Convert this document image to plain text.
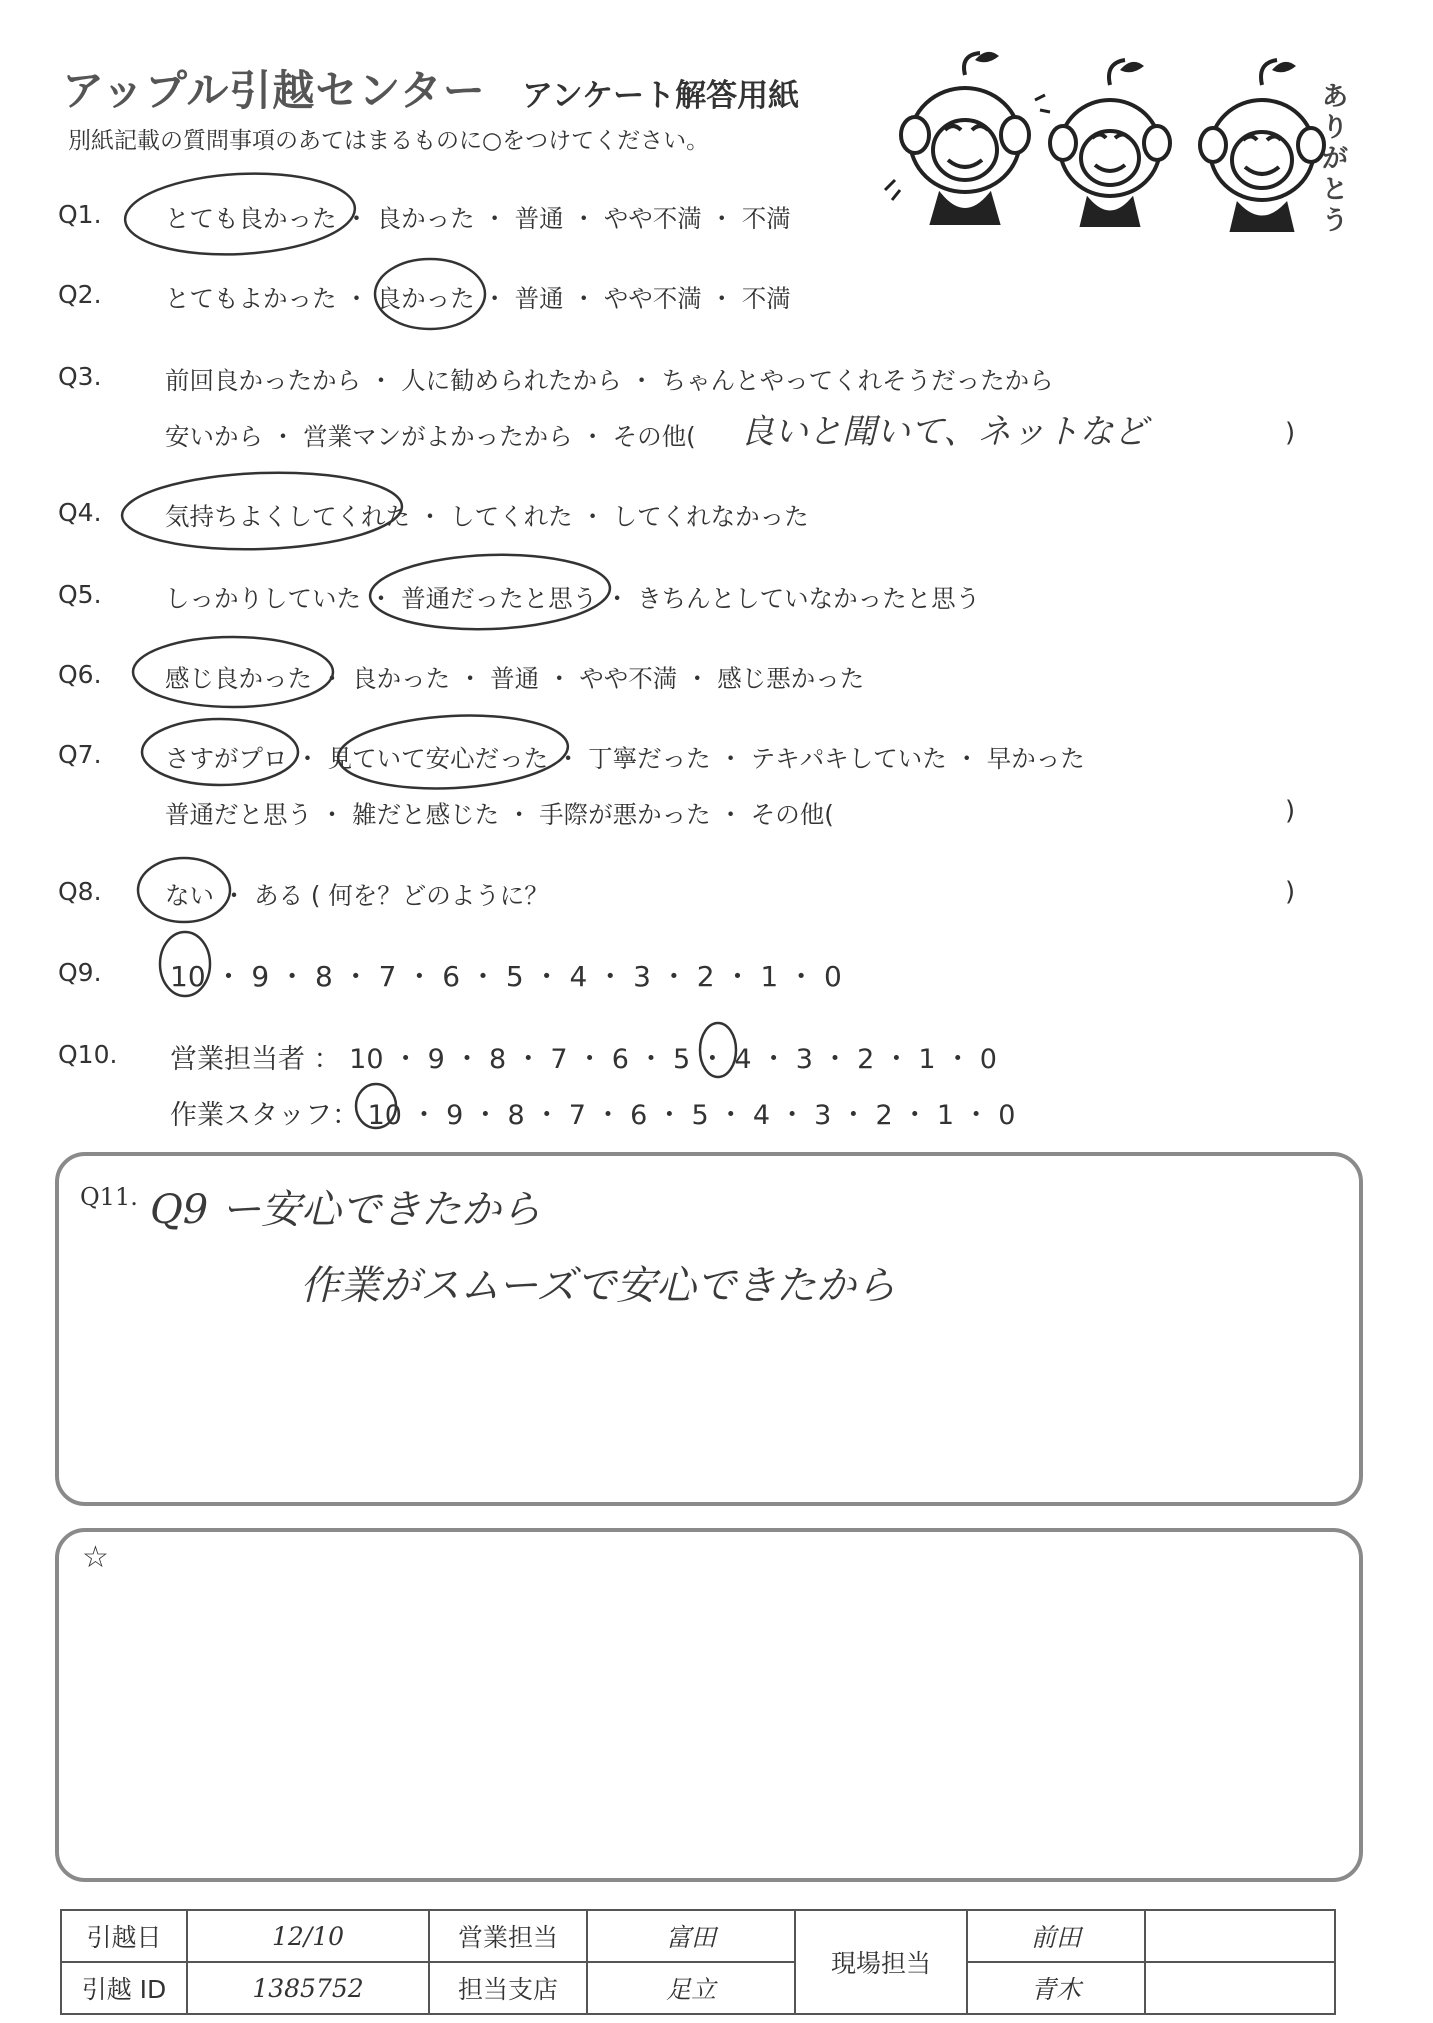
アップル引越センター アンケート解答用紙
別紙記載の質問事項のあてはまるものに○をつけてください。
ありがとう
Q1.	とても良かった ・ 良かった ・ 普通 ・ やや不満 ・ 不満
Q2.	とてもよかった ・ 良かった ・ 普通 ・ やや不満 ・ 不満
Q3.	前回良かったから ・ 人に勧められたから ・ ちゃんとやってくれそうだったから
安いから ・ 営業マンがよかったから ・ その他( 良いと聞いて、ネットなど	)
Q4.	気持ちよくしてくれた ・ してくれた ・ してくれなかった
Q5.	しっかりしていた ・ 普通だったと思う ・ きちんとしていなかったと思う
Q6.	感じ良かった ・ 良かった ・ 普通 ・ やや不満 ・ 感じ悪かった
Q7.	さすがプロ ・ 見ていて安心だった ・ 丁寧だった ・ テキパキしていた ・ 早かった
普通だと思う ・ 雑だと感じた ・ 手際が悪かった ・ その他(	)
Q8.	ない ・ ある ( 何を？どのように？	)
Q9. 10 ・ 9 ・ 8 ・ 7 ・ 6 ・ 5 ・ 4 ・ 3 ・ 2 ・ 1 ・ 0
Q10. 営業担当者 ： 10 ・ 9 ・ 8 ・ 7 ・ 6 ・ 5 ・ 4 ・ 3 ・ 2 ・ 1 ・ 0
作業スタッフ： 10 ・ 9 ・ 8 ・ 7 ・ 6 ・ 5 ・ 4 ・ 3 ・ 2 ・ 1 ・ 0
Q11. Q9 ー安心できたから
作業がスムーズで安心できたから
☆
引越日	12/10	営業担当	富田	現場担当	前田	
引越 ID	1385752	担当支店	足立		青木	
